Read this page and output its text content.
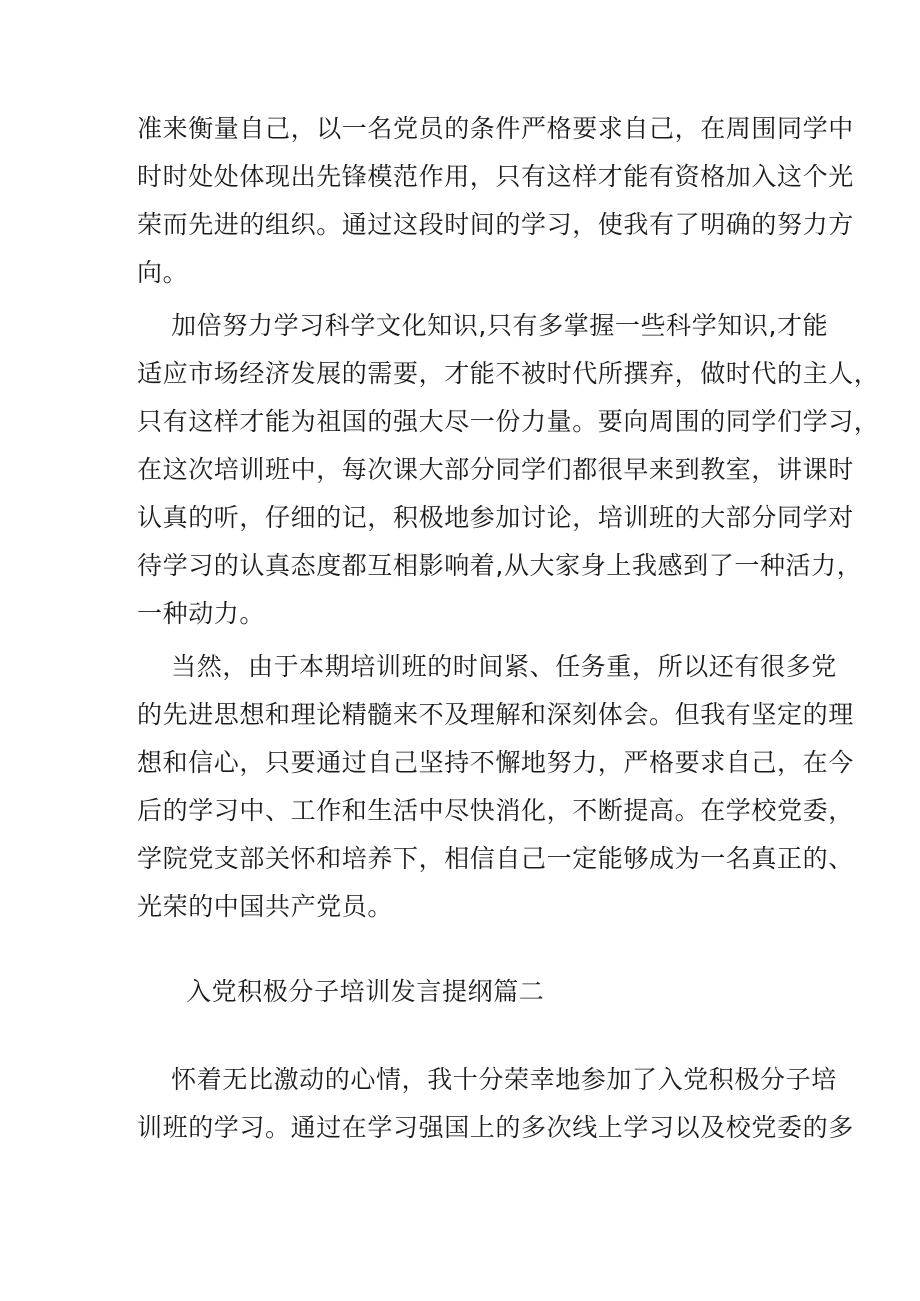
准来衡量自己，以一名党员的条件严格要求自己，在周围同学中
时时处处体现出先锋模范作用，只有这样才能有资格加入这个光
荣而先进的组织。通过这段时间的学习，使我有了明确的努力方
向。
加倍努力学习科学文化知识,只有多掌握一些科学知识,才能
适应市场经济发展的需要，才能不被时代所撰弃，做时代的主人，
只有这样才能为祖国的强大尽一份力量。要向周围的同学们学习，
在这次培训班中，每次课大部分同学们都很早来到教室，讲课时
认真的听，仔细的记，积极地参加讨论，培训班的大部分同学对
待学习的认真态度都互相影响着,从大家身上我感到了一种活力，
一种动力。
当然，由于本期培训班的时间紧、任务重，所以还有很多党
的先进思想和理论精髓来不及理解和深刻体会。但我有坚定的理
想和信心，只要通过自己坚持不懈地努力，严格要求自己，在今
后的学习中、工作和生活中尽快消化，不断提高。在学校党委，
学院党支部关怀和培养下，相信自己一定能够成为一名真正的、
光荣的中国共产党员。
入党积极分子培训发言提纲篇二
怀着无比激动的心情，我十分荣幸地参加了入党积极分子培
训班的学习。通过在学习强国上的多次线上学习以及校党委的多
